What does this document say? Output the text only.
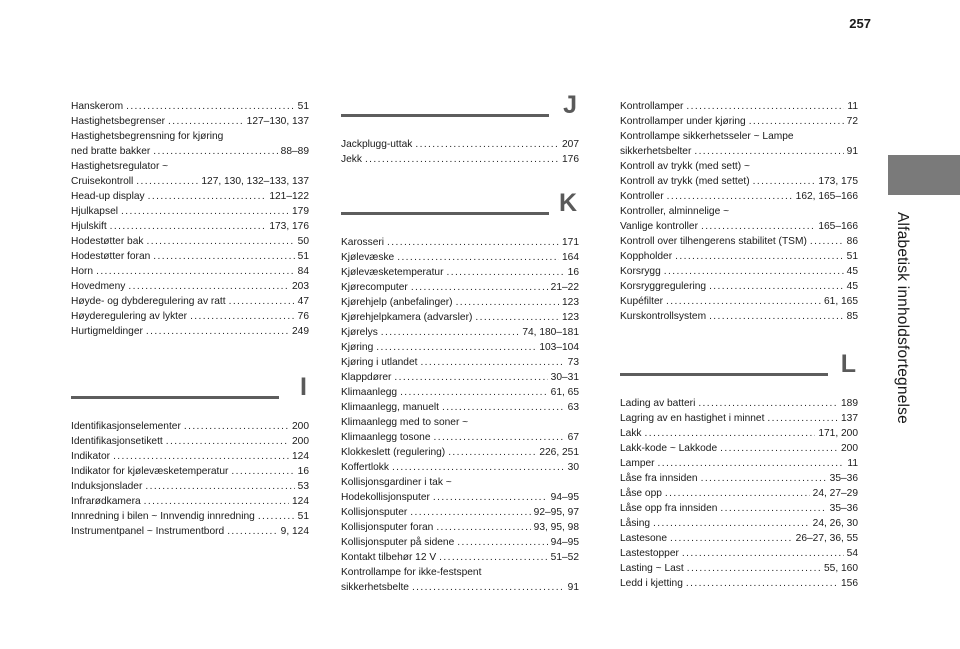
257
Alfabetisk innholdsfortegnelse
Hanskerom .....	51
Hastighetsbegrenser .....	127–130, 137
Hastighetsbegrensning for kjøring
ned bratte bakker .....	88–89
Hastighetsregulator ~
Cruisekontroll .....	127, 130, 132–133, 137
Head-up display .....	121–122
Hjulkapsel .....	179
Hjulskift .....	173, 176
Hodestøtter bak .....	50
Hodestøtter foran .....	51
Horn .....	84
Hovedmeny .....	203
Høyde- og dybderegulering av ratt .....	47
Høyderegulering av lykter .....	76
Hurtigmeldinger .....	249
I
Identifikasjonselementer .....	200
Identifikasjonsetikett .....	200
Indikator .....	124
Indikator for kjølevæsketemperatur .....	16
Induksjonslader .....	53
Infrarødkamera .....	124
Innredning i bilen ~ Innvendig innredning .....	51
Instrumentpanel ~ Instrumentbord .....	9, 124
J
Jackplugg-uttak .....	207
Jekk .....	176
K
Karosseri .....	171
Kjølevæske .....	164
Kjølevæsketemperatur .....	16
Kjørecomputer .....	21–22
Kjørehjelp (anbefalinger) .....	123
Kjørehjelpkamera (advarsler) .....	123
Kjørelys .....	74, 180–181
Kjøring .....	103–104
Kjøring i utlandet .....	73
Klappdører .....	30–31
Klimaanlegg .....	61, 65
Klimaanlegg, manuelt .....	63
Klimaanlegg med to soner ~
Klimaanlegg tosone .....	67
Klokkeslett (regulering) .....	226, 251
Koffertlokk .....	30
Kollisjonsgardiner i tak ~
Hodekollisjonsputer .....	94–95
Kollisjonsputer .....	92–95, 97
Kollisjonsputer foran .....	93, 95, 98
Kollisjonsputer på sidene .....	94–95
Kontakt tilbehør 12 V .....	51–52
Kontrollampe for ikke-festspent
sikkerhetsbelte .....	91
Kontrollamper .....	11
Kontrollamper under kjøring .....	72
Kontrollampe sikkerhetsseler ~ Lampe
sikkerhetsbelter .....	91
Kontroll av trykk (med sett) ~
Kontroll av trykk (med settet) .....	173, 175
Kontroller .....	162, 165–166
Kontroller, alminnelige ~
Vanlige kontroller .....	165–166
Kontroll over tilhengerens stabilitet (TSM) .....	86
Koppholder .....	51
Korsrygg .....	45
Korsryggregulering .....	45
Kupéfilter .....	61, 165
Kurskontrollsystem .....	85
L
Lading av batteri .....	189
Lagring av en hastighet i minnet .....	137
Lakk .....	171, 200
Lakk-kode ~ Lakkode .....	200
Lamper .....	11
Låse fra innsiden .....	35–36
Låse opp .....	24, 27–29
Låse opp fra innsiden .....	35–36
Låsing .....	24, 26, 30
Lastesone .....	26–27, 36, 55
Lastestopper .....	54
Lasting ~ Last .....	55, 160
Ledd i kjetting .....	156
